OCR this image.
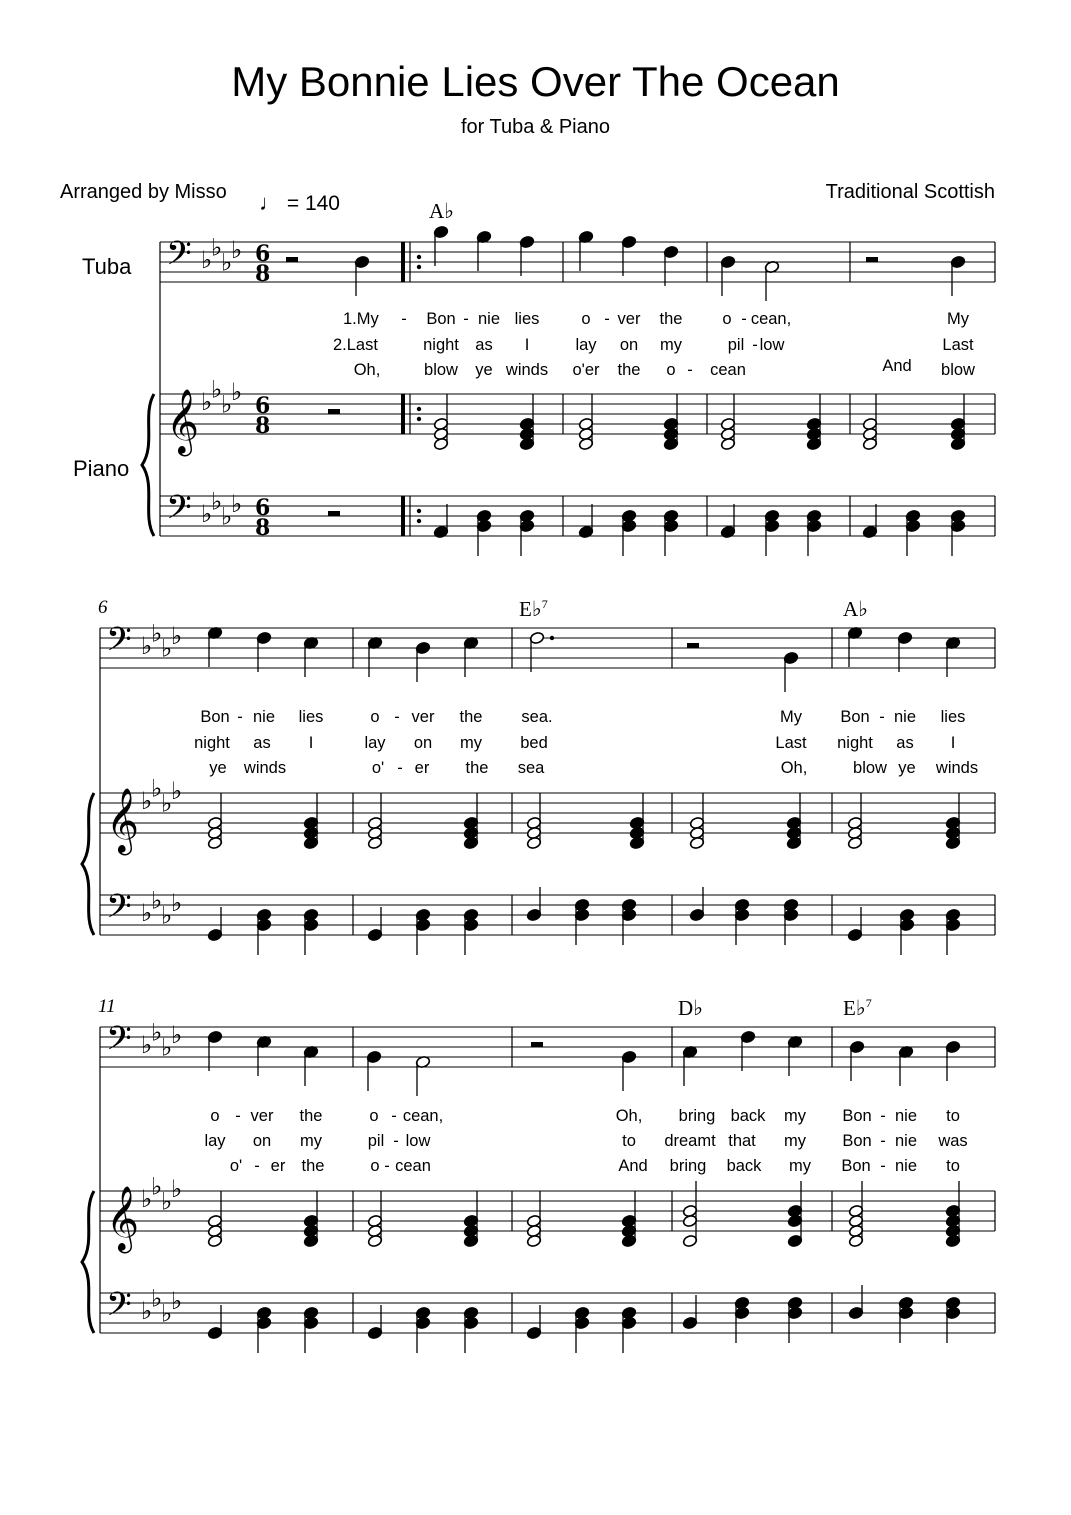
My Bonnie Lies Over The Ocean
for Tuba & Piano
Arranged by Misso	Traditional Scottish
♩ = 140
Tuba
Piano
6
11
A♭
E♭$^7$	A♭
D♭	E♭$^7$
1.My - Bon - nie lies	o - ver the o - cean,	My
2.Last	night as I	lay on my	pil - low	Last
Oh,	blow ye winds o'er the o - cean	And blow
Bon - nie lies	o - ver the sea.	My Bon - nie lies
night as I	lay on my bed	Last night as I
ye winds	o' - er the sea	Oh,	blow ye winds
o - ver the	o - cean,	Oh, bring back my Bon - nie to
lay on my	pil - low	to dreamt that my Bon - nie was
o' - er the	o - cean	And bring back my Bon - nie to
𝄢 ♭
♭
♭
♭ 6
8
𝄞 ♭
♭
♭
♭ 6
8
𝄢 ♭
♭
♭
♭ 6
8
𝄢 ♭
♭
♭
♭
𝄞 ♭
♭
♭
♭
𝄢 ♭
♭
♭
♭
𝄢 ♭
♭
♭
♭
𝄞 ♭
♭
♭
♭
𝄢 ♭
♭
♭
♭
